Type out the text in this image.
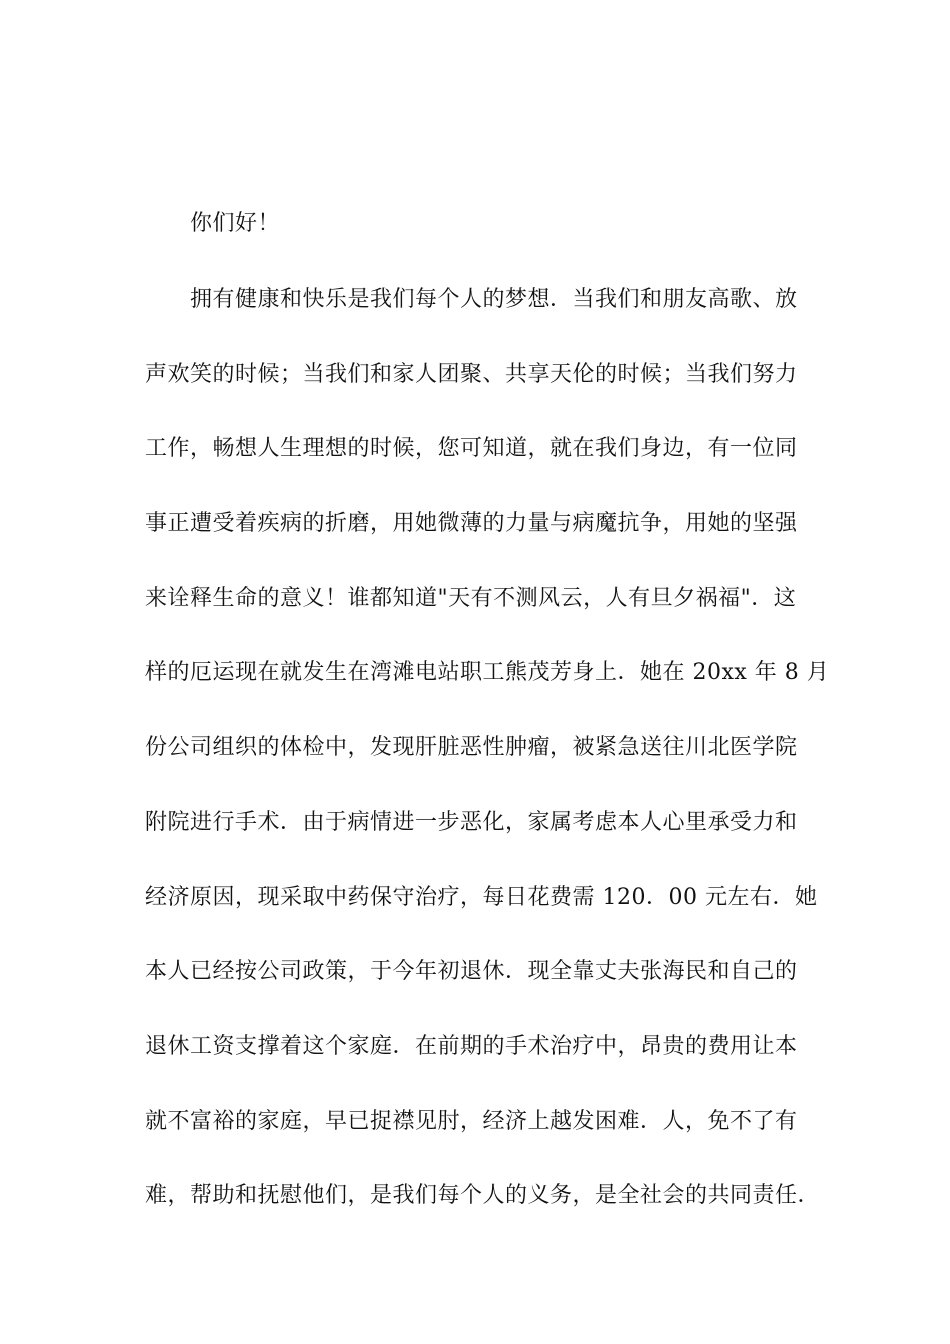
你们好！
拥有健康和快乐是我们每个人的梦想．当我们和朋友高歌、放
声欢笑的时候；当我们和家人团聚、共享天伦的时候；当我们努力
工作，畅想人生理想的时候，您可知道，就在我们身边，有一位同
事正遭受着疾病的折磨，用她微薄的力量与病魔抗争，用她的坚强
来诠释生命的意义！谁都知道"天有不测风云，人有旦夕祸福"．这
样的厄运现在就发生在湾滩电站职工熊茂芳身上．她在 20xx 年 8 月
份公司组织的体检中，发现肝脏恶性肿瘤，被紧急送往川北医学院
附院进行手术．由于病情进一步恶化，家属考虑本人心里承受力和
经济原因，现采取中药保守治疗，每日花费需 120．00 元左右．她
本人已经按公司政策，于今年初退休．现全靠丈夫张海民和自己的
退休工资支撑着这个家庭．在前期的手术治疗中，昂贵的费用让本
就不富裕的家庭，早已捉襟见肘，经济上越发困难．人，免不了有
难，帮助和抚慰他们，是我们每个人的义务，是全社会的共同责任．
